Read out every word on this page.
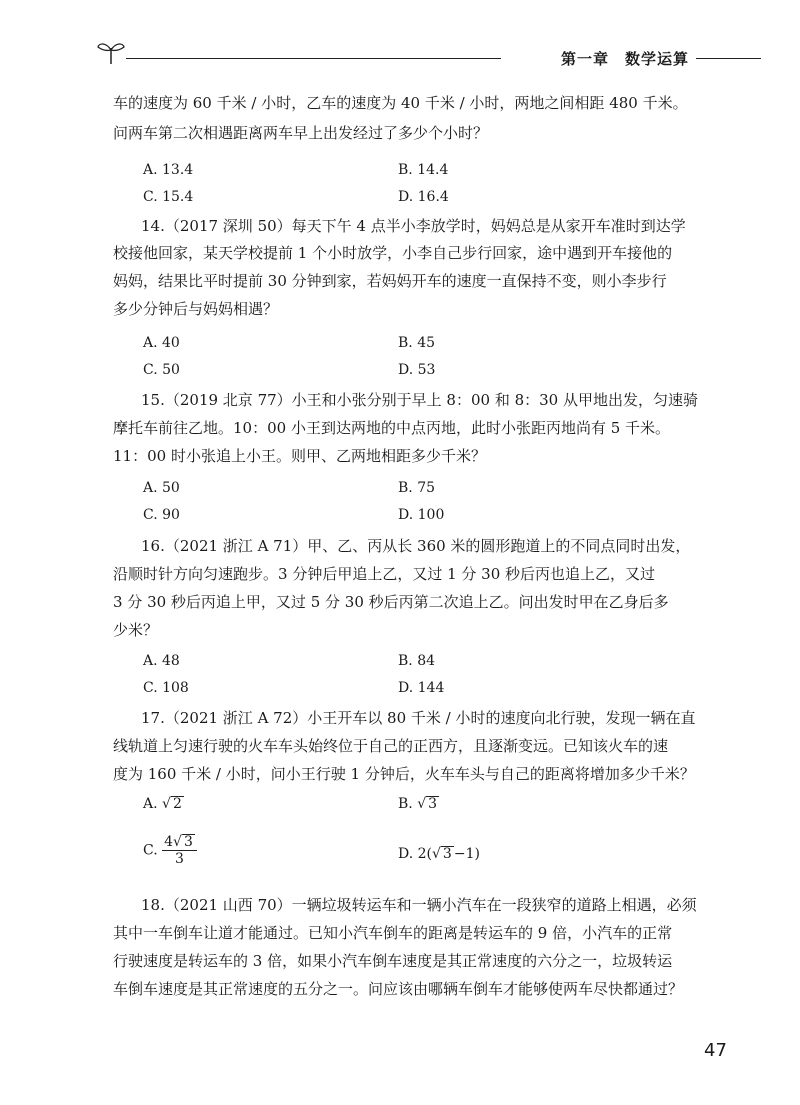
第一章 数学运算
车的速度为 60 千米 / 小时，乙车的速度为 40 千米 / 小时，两地之间相距 480 千米。
问两车第二次相遇距离两车早上出发经过了多少个小时？
A. 13.4	B. 14.4
C. 15.4	D. 16.4
14.（2017 深圳 50）每天下午 4 点半小李放学时，妈妈总是从家开车准时到达学
校接他回家，某天学校提前 1 个小时放学，小李自己步行回家，途中遇到开车接他的
妈妈，结果比平时提前 30 分钟到家，若妈妈开车的速度一直保持不变，则小李步行
多少分钟后与妈妈相遇？
A. 40	B. 45
C. 50	D. 53
15.（2019 北京 77）小王和小张分别于早上 8：00 和 8：30 从甲地出发，匀速骑
摩托车前往乙地。10：00 小王到达两地的中点丙地，此时小张距丙地尚有 5 千米。
11：00 时小张追上小王。则甲、乙两地相距多少千米？
A. 50	B. 75
C. 90	D. 100
16.（2021 浙江 A 71）甲、乙、丙从长 360 米的圆形跑道上的不同点同时出发，
沿顺时针方向匀速跑步。3 分钟后甲追上乙，又过 1 分 30 秒后丙也追上乙，又过
3 分 30 秒后丙追上甲，又过 5 分 30 秒后丙第二次追上乙。问出发时甲在乙身后多
少米？
A. 48	B. 84
C. 108	D. 144
17.（2021 浙江 A 72）小王开车以 80 千米 / 小时的速度向北行驶，发现一辆在直
线轨道上匀速行驶的火车车头始终位于自己的正西方，且逐渐变远。已知该火车的速
度为 160 千米 / 小时，问小王行驶 1 分钟后，火车车头与自己的距离将增加多少千米？
A. √ 2	B. √ 3
C. $\frac{4√ 3}{3}$	D. 2(√ 3 −1)
18.（2021 山西 70）一辆垃圾转运车和一辆小汽车在一段狭窄的道路上相遇，必须
其中一车倒车让道才能通过。已知小汽车倒车的距离是转运车的 9 倍，小汽车的正常
行驶速度是转运车的 3 倍，如果小汽车倒车速度是其正常速度的六分之一，垃圾转运
车倒车速度是其正常速度的五分之一。问应该由哪辆车倒车才能够使两车尽快都通过？
47
